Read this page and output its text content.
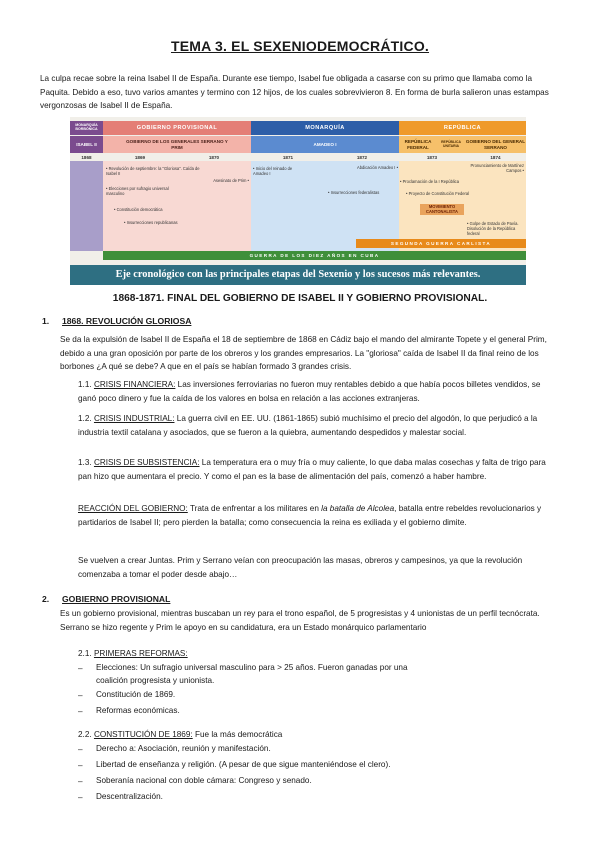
TEMA 3. EL SEXENIODEMOCRÁTICO.
La culpa recae sobre la reina Isabel II de España. Durante ese tiempo, Isabel fue obligada a casarse con su primo que llamaba como la Paquita. Debido a eso, tuvo varios amantes y termino con 12 hijos, de los cuales sobrevivieron 8. En forma de burla salieron unas estampas vergonzosas de Isabel II de España.
MONARQUÍA BORBÓNICA	GOBIERNO PROVISIONAL	MONARQUÍA	REPÚBLICA
ISABEL II
GOBIERNO DE LOS GENERALES SERRANO Y PRIM
AMADEO I
REPÚBLICA FEDERAL
REPÚBLICA UNITARIA
GOBIERNO DEL GENERAL SERRANO
1868	1869	1870	1871	1872	1873	1874
• Revolución de septiembre: la "Gloriosa". Caída de Isabel II
• Elecciones por sufragio universal masculino
• Constitución democrática
• Insurrecciones republicanas
Asesinato de Prim •
• Inicio del reinado de Amadeo I
Abdicación Amadeo I •
• Insurrecciones federalistas
• Proclamación de la I República
• Proyecto de Constitución Federal
Pronunciamiento de Martínez Campos •
• Golpe de Estado de Pavía. Disolución de la República federal
MOVIMIENTO CANTONALISTA
SEGUNDA GUERRA CARLISTA
GUERRA DE LOS DIEZ AÑOS EN CUBA
Eje cronológico con las principales etapas del Sexenio y los sucesos más relevantes.
1868-1871. FINAL DEL GOBIERNO DE ISABEL II Y GOBIERNO PROVISIONAL.
1. 1868. REVOLUCIÓN GLORIOSA
Se da la expulsión de Isabel II de España el 18 de septiembre de 1868 en Cádiz bajo el mando del almirante Topete y el general Prim, debido a una gran oposición por parte de los obreros y los grandes empresarios. La "gloriosa" caída de Isabel II da final reino de los borbones ¿A qué se debe? A que en el país se habían formado 3 grandes crisis.
1.1. CRISIS FINANCIERA: Las inversiones ferroviarias no fueron muy rentables debido a que había pocos billetes vendidos, se ganó poco dinero y fue la caída de los valores en bolsa en relación a las acciones extranjeras.
1.2. CRISIS INDUSTRIAL: La guerra civil en EE. UU. (1861-1865) subió muchísimo el precio del algodón, lo que perjudicó a la industria textil catalana y asociados, que se fueron a la quiebra, aumentando despedidos y malestar social.
1.3. CRISIS DE SUBSISTENCIA: La temperatura era o muy fría o muy caliente, lo que daba malas cosechas y falta de trigo para pan hizo que aumentara el precio. Y como el pan es la base de alimentación del país, comenzó a haber hambre.
REACCIÓN DEL GOBIERNO: Trata de enfrentar a los militares en la batalla de Alcolea, batalla entre rebeldes revolucionarios y partidarios de Isabel II; pero pierden la batalla; como consecuencia la reina es exiliada y el gobierno dimite.
Se vuelven a crear Juntas. Prim y Serrano veían con preocupación las masas, obreros y campesinos, ya que la revolución comenzaba a tomar el poder desde abajo…
2. GOBIERNO PROVISIONAL
Es un gobierno provisional, mientras buscaban un rey para el trono español, de 5 progresistas y 4 unionistas de un perfil tecnócrata. Serrano se hizo regente y Prim le apoyo en su candidatura, era un Estado monárquico parlamentario
2.1. PRIMERAS REFORMAS:
– Elecciones: Un sufragio universal masculino para > 25 años. Fueron ganadas por una coalición progresista y unionista.
– Constitución de 1869.
– Reformas económicas.
2.2. CONSTITUCIÓN DE 1869: Fue la más democrática
– Derecho a: Asociación, reunión y manifestación.
– Libertad de enseñanza y religión. (A pesar de que sigue manteniéndose el clero).
– Soberanía nacional con doble cámara: Congreso y senado.
– Descentralización.
